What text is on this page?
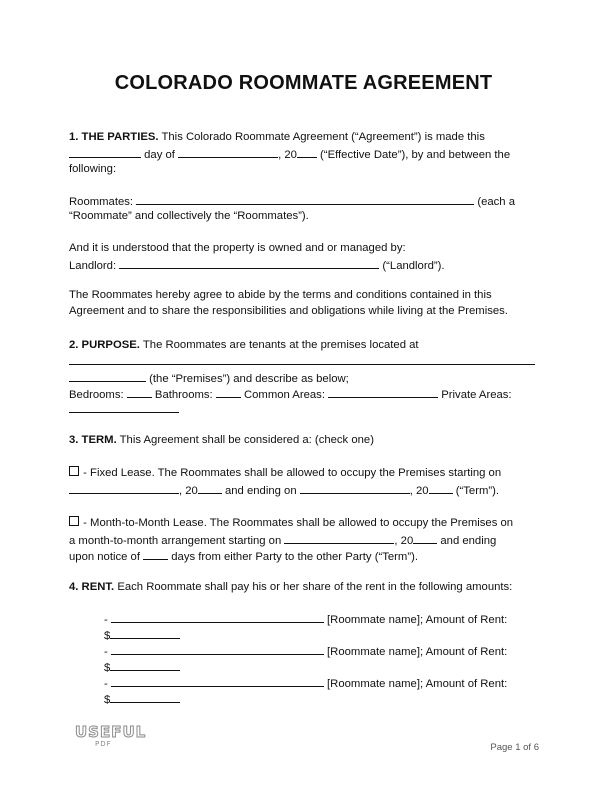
COLORADO ROOMMATE AGREEMENT
1. THE PARTIES. This Colorado Roommate Agreement (“Agreement”) is made this
day of	, 20 (“Effective Date”), by and between the
following:
Roommates:	(each a
“Roommate” and collectively the “Roommates”).
And it is understood that the property is owned and or managed by:
Landlord:	(“Landlord”).
The Roommates hereby agree to abide by the terms and conditions contained in this
Agreement and to share the responsibilities and obligations while living at the Premises.
2. PURPOSE. The Roommates are tenants at the premises located at
(the “Premises”) and describe as below;
Bedrooms:	Bathrooms:	Common Areas:	Private Areas:
3. TERM. This Agreement shall be considered a: (check one)
- Fixed Lease. The Roommates shall be allowed to occupy the Premises starting on
, 20 and ending on	, 20 (“Term”).
- Month-to-Month Lease. The Roommates shall be allowed to occupy the Premises on
a month-to-month arrangement starting on	, 20 and ending
upon notice of	days from either Party to the other Party (“Term”).
4. RENT. Each Roommate shall pay his or her share of the rent in the following amounts:
-	[Roommate name]; Amount of Rent:
$
-	[Roommate name]; Amount of Rent:
$
-	[Roommate name]; Amount of Rent:
$
USEFUL
PDF	Page 1 of 6
